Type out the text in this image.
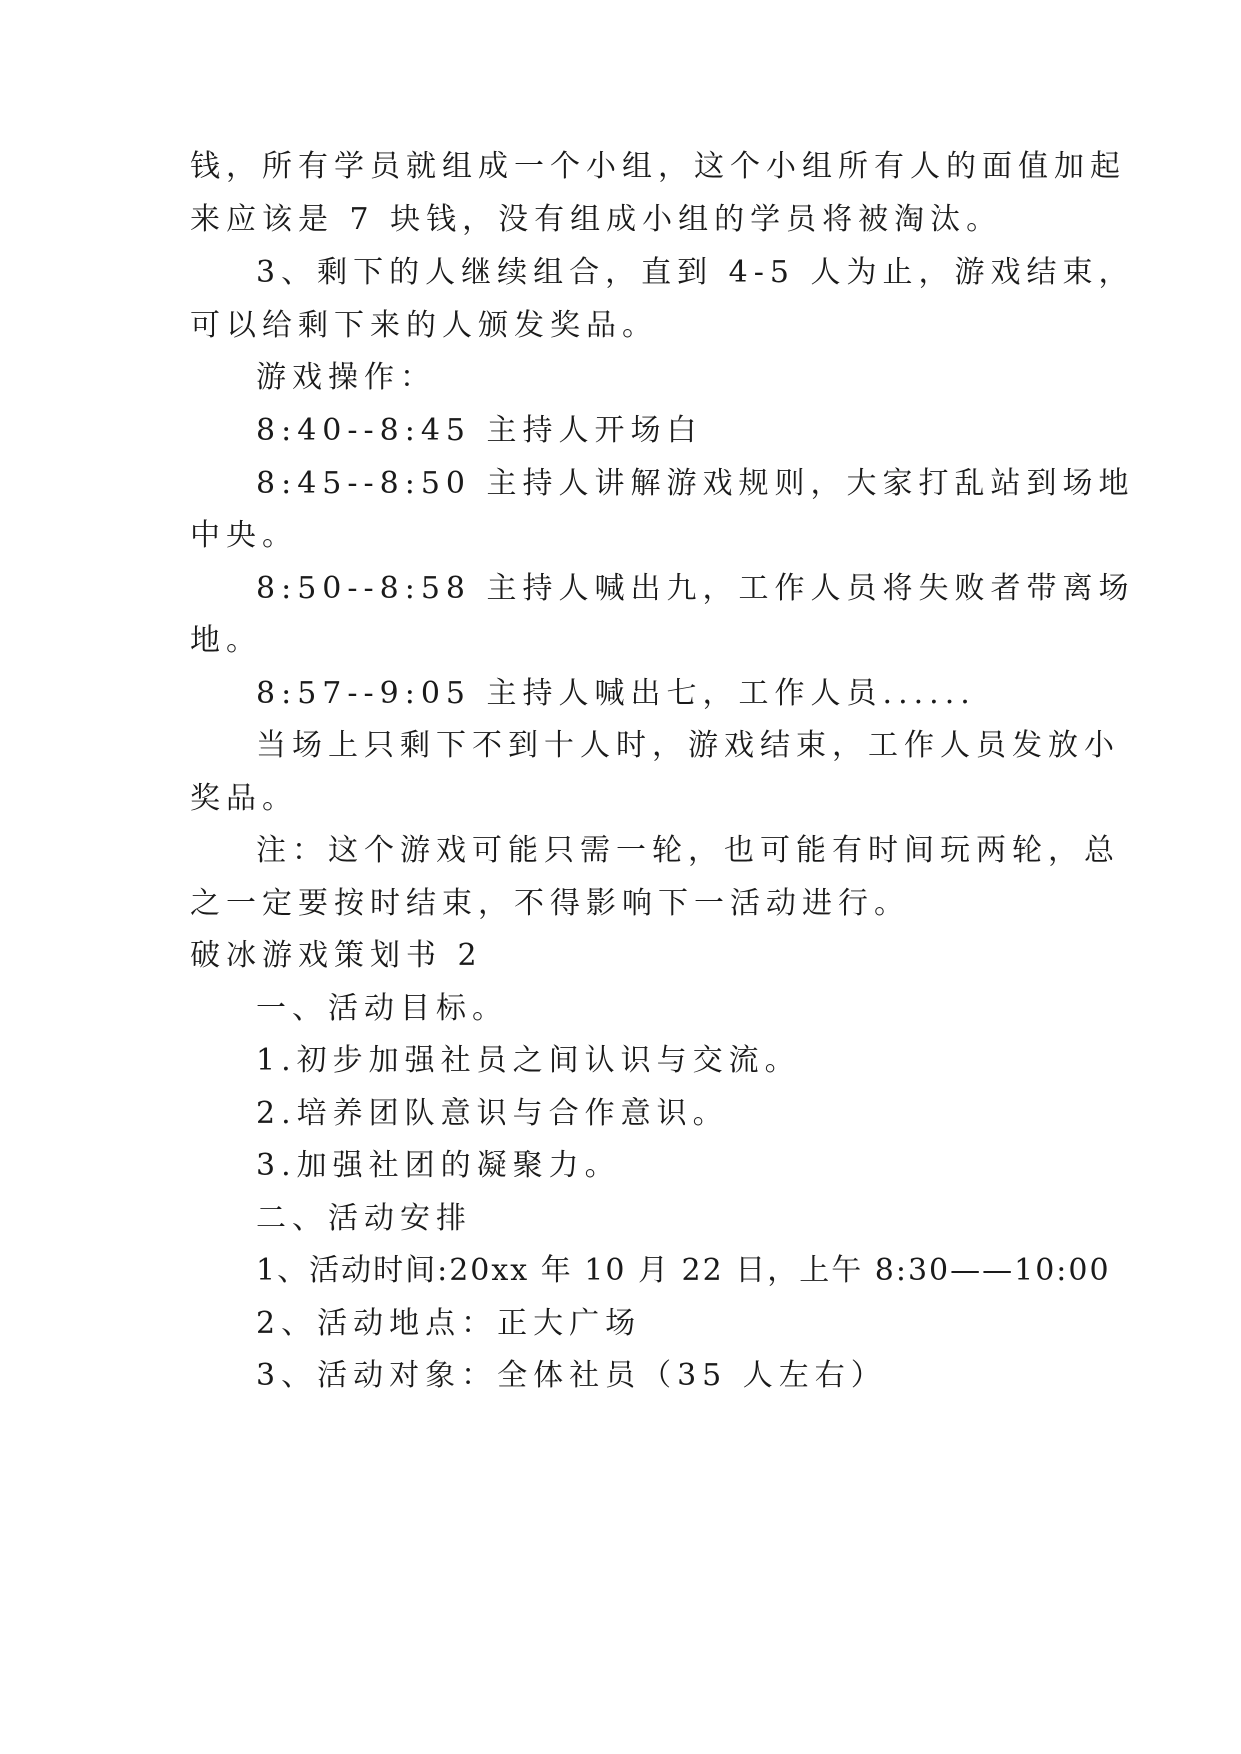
钱，所有学员就组成一个小组，这个小组所有人的面值加起
来应该是 7 块钱，没有组成小组的学员将被淘汰。
3、剩下的人继续组合，直到 4-5 人为止，游戏结束，
可以给剩下来的人颁发奖品。
游戏操作：
8:40--8:45 主持人开场白
8:45--8:50 主持人讲解游戏规则，大家打乱站到场地
中央。
8:50--8:58 主持人喊出九，工作人员将失败者带离场
地。
8:57--9:05 主持人喊出七，工作人员......
当场上只剩下不到十人时，游戏结束，工作人员发放小
奖品。
注：这个游戏可能只需一轮，也可能有时间玩两轮，总
之一定要按时结束，不得影响下一活动进行。
破冰游戏策划书 2
一、活动目标。
1.初步加强社员之间认识与交流。
2.培养团队意识与合作意识。
3.加强社团的凝聚力。
二、活动安排
1、活动时间:20xx 年 10 月 22 日，上午 8:30——10:00
2、活动地点：正大广场
3、活动对象：全体社员（35 人左右）
